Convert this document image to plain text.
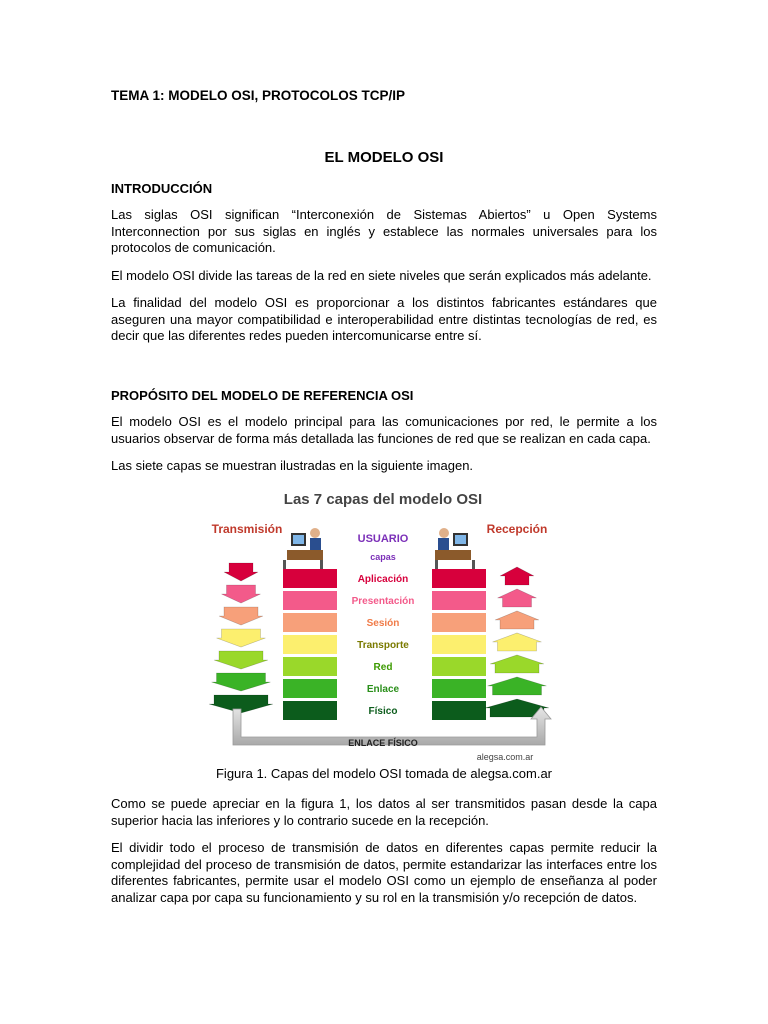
TEMA 1: MODELO OSI, PROTOCOLOS TCP/IP
EL MODELO OSI
INTRODUCCIÓN
Las siglas OSI significan “Interconexión de Sistemas Abiertos” u Open Systems Interconnection por sus siglas en inglés y establece las normales universales para los protocolos de comunicación.
El modelo OSI divide las tareas de la red en siete niveles que serán explicados más adelante.
La finalidad del modelo OSI es proporcionar a los distintos fabricantes estándares que aseguren una mayor compatibilidad e interoperabilidad entre distintas tecnologías de red, es decir que las diferentes redes pueden intercomunicarse entre sí.
PROPÓSITO DEL MODELO DE REFERENCIA OSI
El modelo OSI es el modelo principal para las comunicaciones por red, le permite a los usuarios observar de forma más detallada las funciones de red que se realizan en cada capa.
Las siete capas se muestran ilustradas en la siguiente imagen.
Las 7 capas del modelo OSI
Transmisión	Recepción
USUARIO
capas
Aplicación
Presentación
Sesión
Transporte
Red
Enlace
Físico
ENLACE FÍSICO
alegsa.com.ar
Figura 1. Capas del modelo OSI tomada de alegsa.com.ar
Como se puede apreciar en la figura 1, los datos al ser transmitidos pasan desde la capa superior hacia las inferiores y lo contrario sucede en la recepción.
El dividir todo el proceso de transmisión de datos en diferentes capas permite reducir la complejidad del proceso de transmisión de datos, permite estandarizar las interfaces entre los diferentes fabricantes, permite usar el modelo OSI como un ejemplo de enseñanza al poder analizar capa por capa su funcionamiento y su rol en la transmisión y/o recepción de datos.
